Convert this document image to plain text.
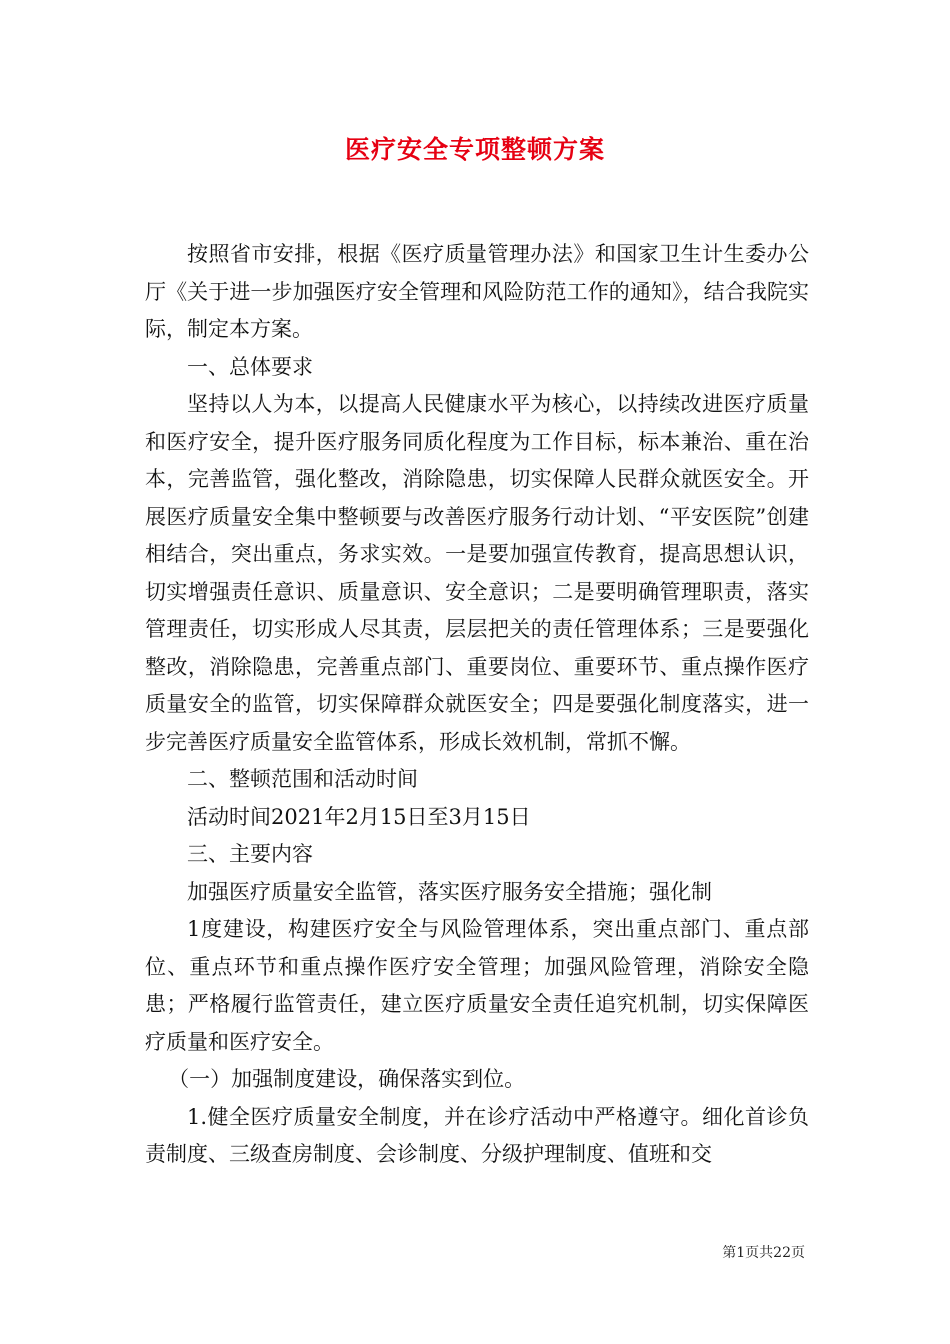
医疗安全专项整顿方案

按照省市安排，根据《医疗质量管理办法》和国家卫生计生委办公厅《关于进一步加强医疗安全管理和风险防范工作的通知》，结合我院实际，制定本方案。

一、总体要求

坚持以人为本，以提高人民健康水平为核心，以持续改进医疗质量和医疗安全，提升医疗服务同质化程度为工作目标，标本兼治、重在治本，完善监管，强化整改，消除隐患，切实保障人民群众就医安全。开展医疗质量安全集中整顿要与改善医疗服务行动计划、“平安医院”创建相结合，突出重点，务求实效。一是要加强宣传教育，提高思想认识，切实增强责任意识、质量意识、安全意识；二是要明确管理职责，落实管理责任，切实形成人尽其责，层层把关的责任管理体系；三是要强化整改，消除隐患，完善重点部门、重要岗位、重要环节、重点操作医疗质量安全的监管，切实保障群众就医安全；四是要强化制度落实，进一步完善医疗质量安全监管体系，形成长效机制，常抓不懈。

二、整顿范围和活动时间

活动时间2021年2月15日至3月15日

三、主要内容

加强医疗质量安全监管，落实医疗服务安全措施；强化制

1度建设，构建医疗安全与风险管理体系，突出重点部门、重点部位、重点环节和重点操作医疗安全管理；加强风险管理，消除安全隐患；严格履行监管责任，建立医疗质量安全责任追究机制，切实保障医疗质量和医疗安全。

（一）加强制度建设，确保落实到位。

1.健全医疗质量安全制度，并在诊疗活动中严格遵守。细化首诊负责制度、三级查房制度、会诊制度、分级护理制度、值班和交

第1页共22页
